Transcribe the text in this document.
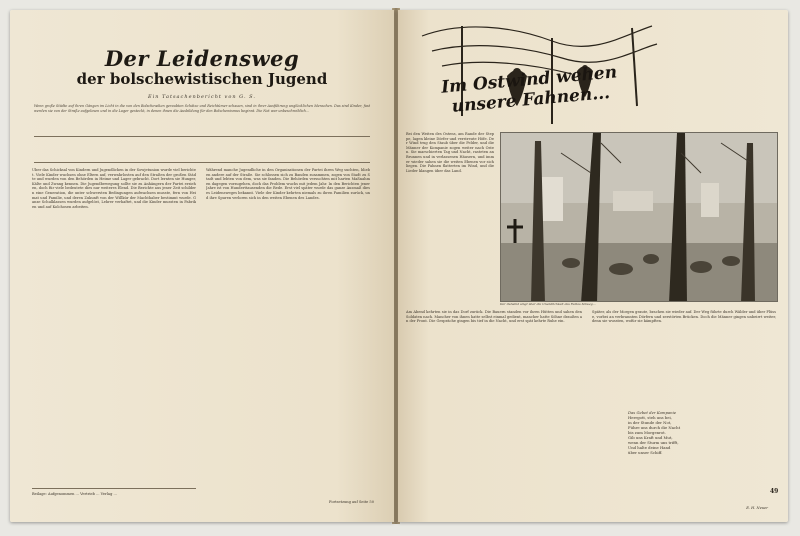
Der Leidensweg
der bolschewistischen Jugend
Ein Tatsachenbericht von G. S.
Wenn große Städte auf ihren Gängen im Licht in die von den Bolschewiken geraubten Schätze und Reichtümer schauen, sind in ihrer Ausführung unglücklichen Menschen. Das sind Kinder, fast werden sie von der Straße aufgelesen und in die Lager gesteckt, in denen ihnen die Ausbildung für den Bolschewismus beginnt. Die Not war unbeschreiblich...
Über das Schicksal von Kindern und Jugendlichen in der Sowjetunion wurde viel berichtet. Viele Kinder wuchsen ohne Eltern auf, verwahrlosten auf den Straßen der großen Städte und wurden von den Behörden in Heime und Lager gebracht. Dort lernten sie Hunger, Kälte und Zwang kennen. Die Jugendbewegung sollte sie zu Anhängern der Partei erziehen, doch für viele bedeutete dies nur weiteres Elend. Die Berichte aus jener Zeit schildern eine Generation, die unter schwersten Bedingungen aufwachsen musste, fern von Heimat und Familie, und deren Zukunft von der Willkür der Machthaber bestimmt wurde. Ganze Schulklassen wurden aufgelöst, Lehrer verhaftet, und die Kinder mussten in Fabriken und auf Kolchosen arbeiten.
Während manche Jugendliche in den Organisationen der Partei ihren Weg suchten, blieben andere auf der Straße. Sie schlossen sich zu Banden zusammen, zogen von Stadt zu Stadt und lebten von dem, was sie fanden. Die Behörden versuchten mit harten Maßnahmen dagegen vorzugehen, doch das Problem wuchs mit jedem Jahr. In den Berichten jener Jahre ist von Hunderttausenden die Rede. Erst viel später wurde das ganze Ausmaß dieses Leidensweges bekannt. Viele der Kinder kehrten niemals zu ihren Familien zurück, und ihre Spuren verloren sich in den weiten Ebenen des Landes.
Beilage: Aufgenommen ... Vertrieb ... Verlag ...
Fortsetzung auf Seite 50
Im Ostwind wehen unsere Fahnen...
Bei den Weiten des Ostens, am Rande der Steppe, lagen kleine Dörfer und verstreute Höfe. Der Wind trug den Staub über die Felder, und die Männer der Kompanie zogen weiter nach Osten. Sie marschierten Tag und Nacht, rasteten an Brunnen und in verlassenen Häusern, und immer wieder sahen sie die weiten Ebenen vor sich liegen. Die Fahnen flatterten im Wind, und die Lieder klangen über das Land.
Der Ostwind singt über die Unendlichkeit des Feldes hinweg...
Am Abend kehrten sie in das Dorf zurück. Die Bauern standen vor ihren Hütten und sahen den Soldaten nach. Mancher von ihnen hatte selbst einmal gedient, mancher hatte Söhne draußen an der Front. Die Gespräche gingen bis tief in die Nacht, und erst spät kehrte Ruhe ein.
Später, als der Morgen graute, brachen sie wieder auf. Der Weg führte durch Wälder und über Flüsse, vorbei an verbrannten Dörfern und zerstörten Brücken. Doch die Männer gingen unbeirrt weiter, denn sie wussten, wofür sie kämpften.
Das Gebet der Kompanie
Herrgott, steh uns bei,
in der Stunde der Not,
Führe uns durch die Nacht
bis zum Morgenrot.
Gib uns Kraft und Mut,
wenn der Sturm uns trifft,
Und halte deine Hand
über unser Schiff.
E. H. Neuer
49
